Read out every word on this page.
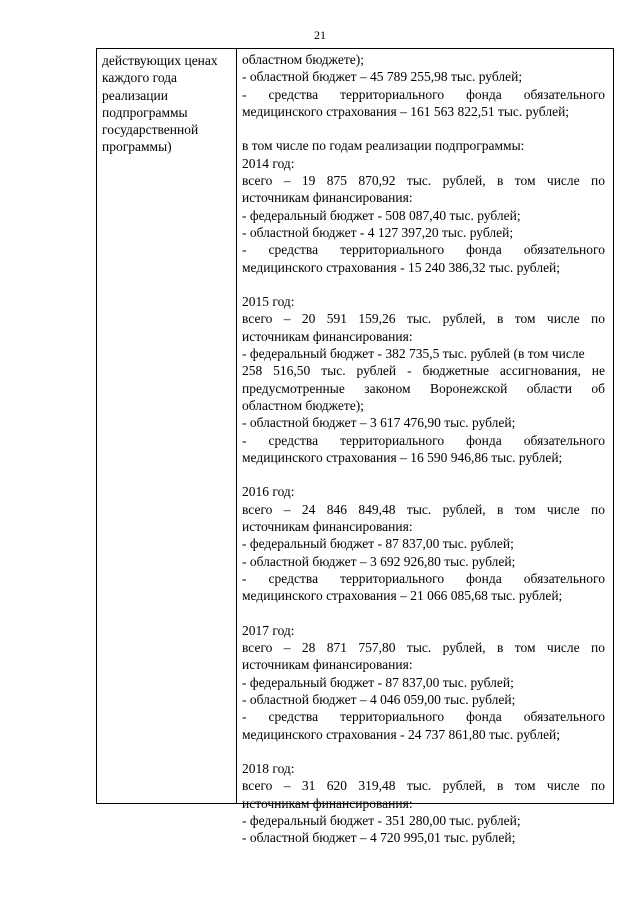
21
действующих ценах
каждого года
реализации
подпрограммы
государственной
программы)
областном бюджете);
- областной бюджет – 45 789 255,98 тыс. рублей;
- средства территориального фонда обязательного
медицинского страхования – 161 563 822,51 тыс. рублей;
в том числе по годам реализации подпрограммы:
2014 год:
всего – 19 875 870,92 тыс. рублей, в том числе по
источникам финансирования:
- федеральный бюджет - 508 087,40 тыс. рублей;
- областной бюджет - 4 127 397,20 тыс. рублей;
- средства территориального фонда обязательного
медицинского страхования - 15 240 386,32 тыс. рублей;
2015 год:
всего – 20 591 159,26 тыс. рублей, в том числе по
источникам финансирования:
- федеральный бюджет - 382 735,5 тыс. рублей (в том числе
258 516,50 тыс. рублей - бюджетные ассигнования, не
предусмотренные законом Воронежской области об
областном бюджете);
- областной бюджет – 3 617 476,90 тыс. рублей;
- средства территориального фонда обязательного
медицинского страхования – 16 590 946,86 тыс. рублей;
2016 год:
всего – 24 846 849,48 тыс. рублей, в том числе по
источникам финансирования:
- федеральный бюджет - 87 837,00 тыс. рублей;
- областной бюджет – 3 692 926,80 тыс. рублей;
- средства территориального фонда обязательного
медицинского страхования – 21 066 085,68 тыс. рублей;
2017 год:
всего – 28 871 757,80 тыс. рублей, в том числе по
источникам финансирования:
- федеральный бюджет - 87 837,00 тыс. рублей;
- областной бюджет – 4 046 059,00 тыс. рублей;
- средства территориального фонда обязательного
медицинского страхования - 24 737 861,80 тыс. рублей;
2018 год:
всего – 31 620 319,48 тыс. рублей, в том числе по
источникам финансирования:
- федеральный бюджет - 351 280,00 тыс. рублей;
- областной бюджет – 4 720 995,01 тыс. рублей;
